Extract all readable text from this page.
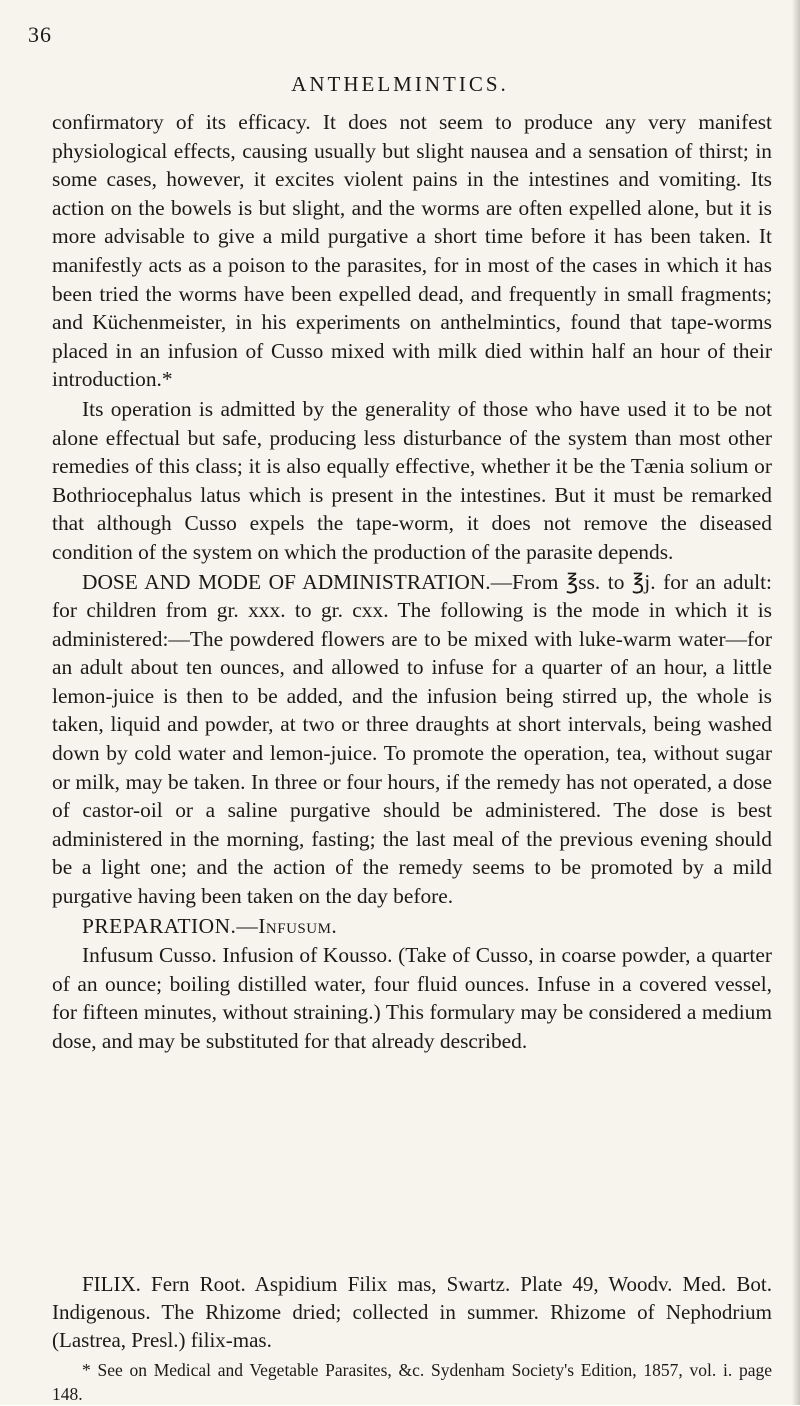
36
ANTHELMINTICS.

confirmatory of its efficacy. It does not seem to produce any very manifest physiological effects, causing usually but slight nausea and a sensation of thirst; in some cases, however, it excites violent pains in the intestines and vomiting. Its action on the bowels is but slight, and the worms are often expelled alone, but it is more advisable to give a mild purgative a short time before it has been taken. It manifestly acts as a poison to the parasites, for in most of the cases in which it has been tried the worms have been expelled dead, and frequently in small fragments; and Küchenmeister, in his experiments on anthelmintics, found that tape-worms placed in an infusion of Cusso mixed with milk died within half an hour of their introduction.*

Its operation is admitted by the generality of those who have used it to be not alone effectual but safe, producing less disturbance of the system than most other remedies of this class; it is also equally effective, whether it be the Tænia solium or Bothriocephalus latus which is present in the intestines. But it must be remarked that although Cusso expels the tape-worm, it does not remove the diseased condition of the system on which the production of the parasite depends.

DOSE AND MODE OF ADMINISTRATION.—From ℥ss. to ℥j. for an adult: for children from gr. xxx. to gr. cxx. The following is the mode in which it is administered:—The powdered flowers are to be mixed with luke-warm water—for an adult about ten ounces, and allowed to infuse for a quarter of an hour, a little lemon-juice is then to be added, and the infusion being stirred up, the whole is taken, liquid and powder, at two or three draughts at short intervals, being washed down by cold water and lemon-juice. To promote the operation, tea, without sugar or milk, may be taken. In three or four hours, if the remedy has not operated, a dose of castor-oil or a saline purgative should be administered. The dose is best administered in the morning, fasting; the last meal of the previous evening should be a light one; and the action of the remedy seems to be promoted by a mild purgative having been taken on the day before.

PREPARATION.—Infusum.

Infusum Cusso. Infusion of Kousso. (Take of Cusso, in coarse powder, a quarter of an ounce; boiling distilled water, four fluid ounces. Infuse in a covered vessel, for fifteen minutes, without straining.) This formulary may be considered a medium dose, and may be substituted for that already described.

FILIX. Fern Root. Aspidium Filix mas, Swartz. Plate 49, Woodv. Med. Bot. Indigenous. The Rhizome dried; collected in summer. Rhizome of Nephodrium (Lastrea, Presl.) filix-mas.

* See on Medical and Vegetable Parasites, &c. Sydenham Society's Edition, 1857, vol. i. page 148.
